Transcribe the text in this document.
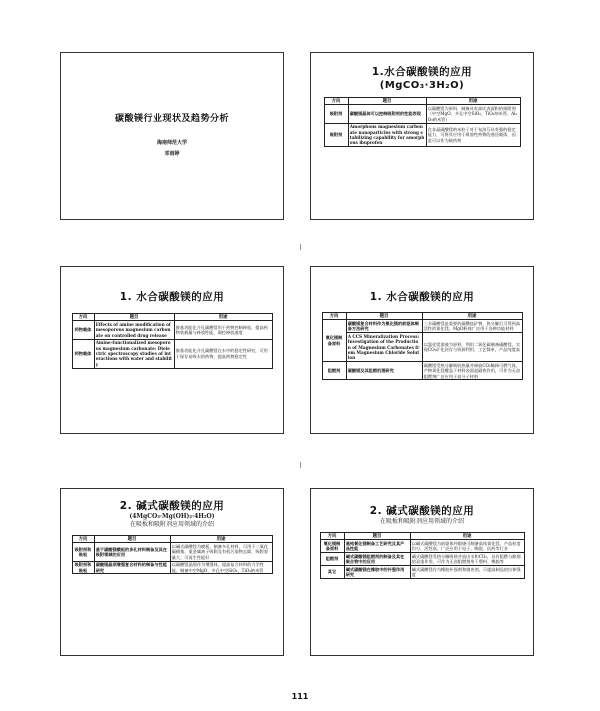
碳酸镁行业现状及趋势分析
海南师范大学
邓雨婷
1.水合碳酸镁的应用
(MgCO₃·3H₂O)
方向	题目	用途
吸附剂	碳酸镁晶体可以控制吸附剂的性能表现	以碳酸镁为原料，制备具有高比表面积的吸附剂（中空MgO、多孔中空SiO₂、TiO₂纳米管、Al₂O₃纳米管）
吸附剂	Amorphous magnesium carbonate nanoparticles with strong stabilizing capability for amorphous ibuprofen	在非晶碳酸镁纳米粒子对于布洛芬具有强的稳定能力，可将其应用于难溶性药物的递送载体，因此可以作为载药剂
1. 水合碳酸镁的应用
方向	题目	用途
药物载体	Effects of amine modification of mesoporous magnesium carbonate on controlled drug release	胺基功能化介孔碳酸镁用于药物控制释放，提高药物装载量与释放性能，调控释放速度
药物载体	Amine-functionalized mesoporous magnesium carbonate: Dielectric spectroscopy studies of interactions with water and stability	胺基功能化介孔碳酸镁在水中的稳定性研究，可用于保存易吸水的药物，提高药物稳定性
1. 水合碳酸镁的应用
方向	题目	用途
氧化镁制备原料	碳酸镁复合材料作为氧化镁的前驱体制备方法研究	三水碳酸镁是重要的碳酸盐矿物，热分解后可得到高活性的氧化镁，MgO粉体广泛用于各种功能材料
	A CCS Mineralization Process: Investigation of the Production of Magnesium Carbonates from Magnesium Chloride Solution	以氯化镁溶液为原料，利用二氧化碳制备碳酸镁，实现CO₂矿化封存与资源利用，工艺简单，产品纯度高
阻燃剂	碳酸镁及其阻燃机理研究	碳酸镁受热分解吸收热量并释放CO₂稀释可燃气体，产物氧化镁覆盖于材料表面起隔热作用，可作为无卤阻燃剂广泛应用于高分子材料
2. 碱式碳酸镁的应用
(4MgCO₃·Mg(OH)₂·4H₂O)
在吸板和吸附剂应用领域的介绍
方向	题目	用途
吸附剂和吸板	基于碳酸镁模板的多孔材料制备及其在吸附领域的应用	以碱式碳酸镁为模板，制备多孔材料，可用于二氧化碳捕集、重金属离子吸附及有机污染物去除，吸附容量大、可再生性能好
吸附剂和吸板	碳酸镁晶须增强复合材料的制备与性能研究	以碳酸镁晶须作为增强体，提高复合材料的力学性能，制备中空MgO、多孔中空SiO₂、TiO₂纳米管
2. 碱式碳酸镁的应用
在吸板和吸附剂应用领域的介绍
方向	题目	用途
氧化镁制备原料	高纯氧化镁制备工艺研究及其产品性能	以碱式碳酸镁为前驱体经煅烧可制备高纯氧化镁，产品粒度均匀、活性高，广泛应用于电子、陶瓷、医药等行业
阻燃剂	碱式碳酸镁阻燃剂的制备及其在聚合物中的应用	碱式碳酸镁受热分解吸热并放出水和CO₂，具有阻燃与抑烟的双重作用，可作为无卤阻燃剂用于塑料、橡胶等
其它	碱式碳酸镁在橡胶中的补强作用研究	碱式碳酸镁作为橡胶补强剂和填充剂，可提高制品的拉伸强度
111
